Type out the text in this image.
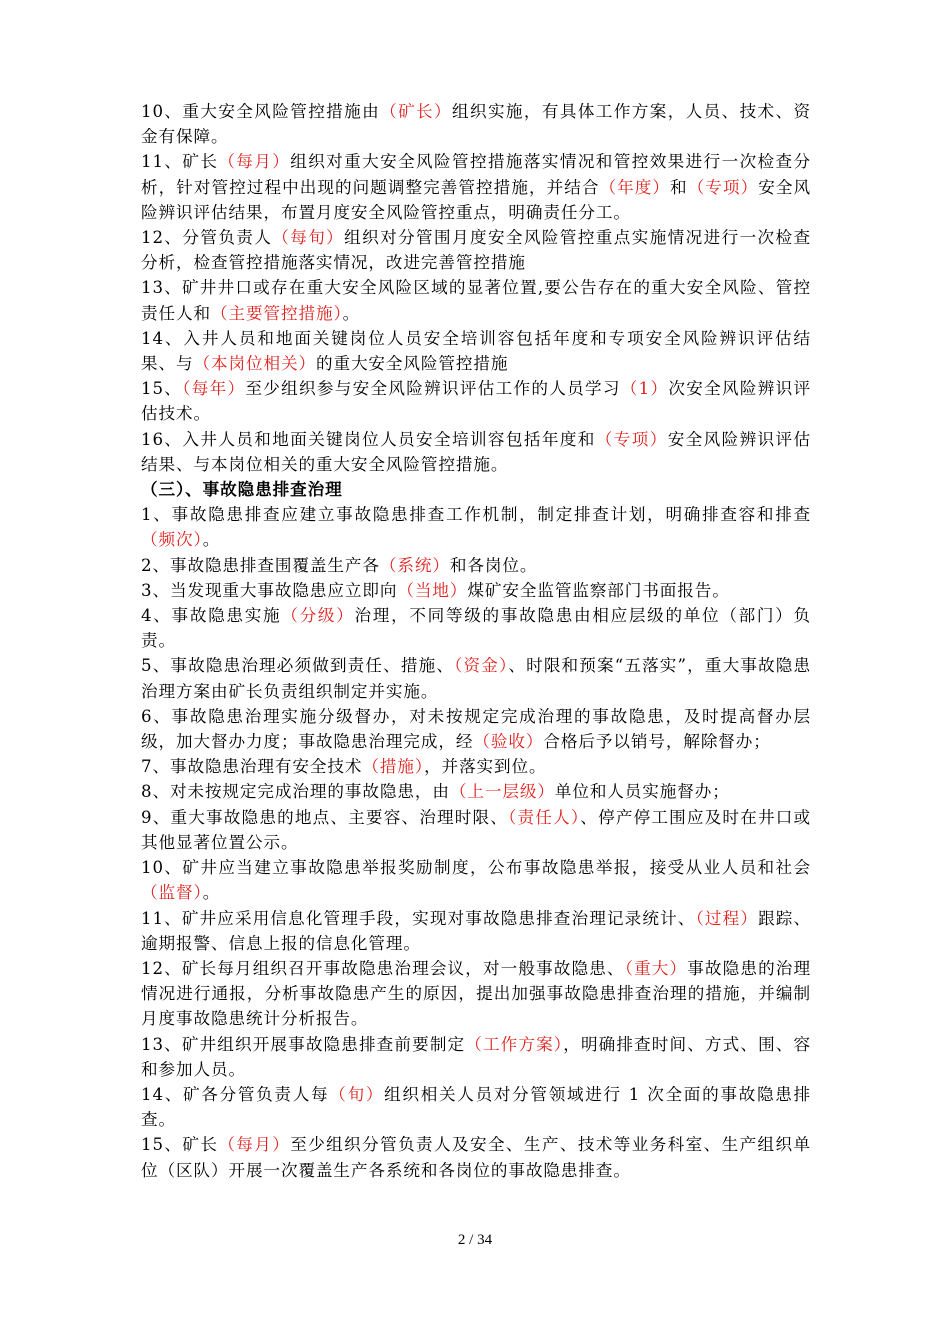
10、重大安全风险管控措施由（矿长）组织实施，有具体工作方案，人员、技术、资金有保障。

11、矿长（每月）组织对重大安全风险管控措施落实情况和管控效果进行一次检查分析，针对管控过程中出现的问题调整完善管控措施，并结合（年度）和（专项）安全风险辨识评估结果，布置月度安全风险管控重点，明确责任分工。

12、分管负责人（每旬）组织对分管围月度安全风险管控重点实施情况进行一次检查分析，检查管控措施落实情况，改进完善管控措施

13、矿井井口或存在重大安全风险区域的显著位置,要公告存在的重大安全风险、管控责任人和（主要管控措施）。

14、入井人员和地面关键岗位人员安全培训容包括年度和专项安全风险辨识评估结果、与（本岗位相关）的重大安全风险管控措施

15、（每年）至少组织参与安全风险辨识评估工作的人员学习（1）次安全风险辨识评估技术。

16、入井人员和地面关键岗位人员安全培训容包括年度和（专项）安全风险辨识评估结果、与本岗位相关的重大安全风险管控措施。

（三）、事故隐患排查治理

1、事故隐患排查应建立事故隐患排查工作机制，制定排查计划，明确排查容和排查（频次）。

2、事故隐患排查围覆盖生产各（系统）和各岗位。

3、当发现重大事故隐患应立即向（当地）煤矿安全监管监察部门书面报告。

4、事故隐患实施（分级）治理，不同等级的事故隐患由相应层级的单位（部门）负责。

5、事故隐患治理必须做到责任、措施、（资金）、时限和预案“五落实”，重大事故隐患治理方案由矿长负责组织制定并实施。

6、事故隐患治理实施分级督办，对未按规定完成治理的事故隐患，及时提高督办层级，加大督办力度；事故隐患治理完成，经（验收）合格后予以销号，解除督办；

7、事故隐患治理有安全技术（措施），并落实到位。

8、对未按规定完成治理的事故隐患，由（上一层级）单位和人员实施督办；

9、重大事故隐患的地点、主要容、治理时限、（责任人）、停产停工围应及时在井口或其他显著位置公示。

10、矿井应当建立事故隐患举报奖励制度，公布事故隐患举报，接受从业人员和社会（监督）。

11、矿井应采用信息化管理手段，实现对事故隐患排查治理记录统计、（过程）跟踪、逾期报警、信息上报的信息化管理。

12、矿长每月组织召开事故隐患治理会议，对一般事故隐患、（重大）事故隐患的治理情况进行通报，分析事故隐患产生的原因，提出加强事故隐患排查治理的措施，并编制月度事故隐患统计分析报告。

13、矿井组织开展事故隐患排查前要制定（工作方案），明确排查时间、方式、围、容和参加人员。

14、矿各分管负责人每（旬）组织相关人员对分管领域进行 1 次全面的事故隐患排查。

15、矿长（每月）至少组织分管负责人及安全、生产、技术等业务科室、生产组织单位（区队）开展一次覆盖生产各系统和各岗位的事故隐患排查。

2 / 34
